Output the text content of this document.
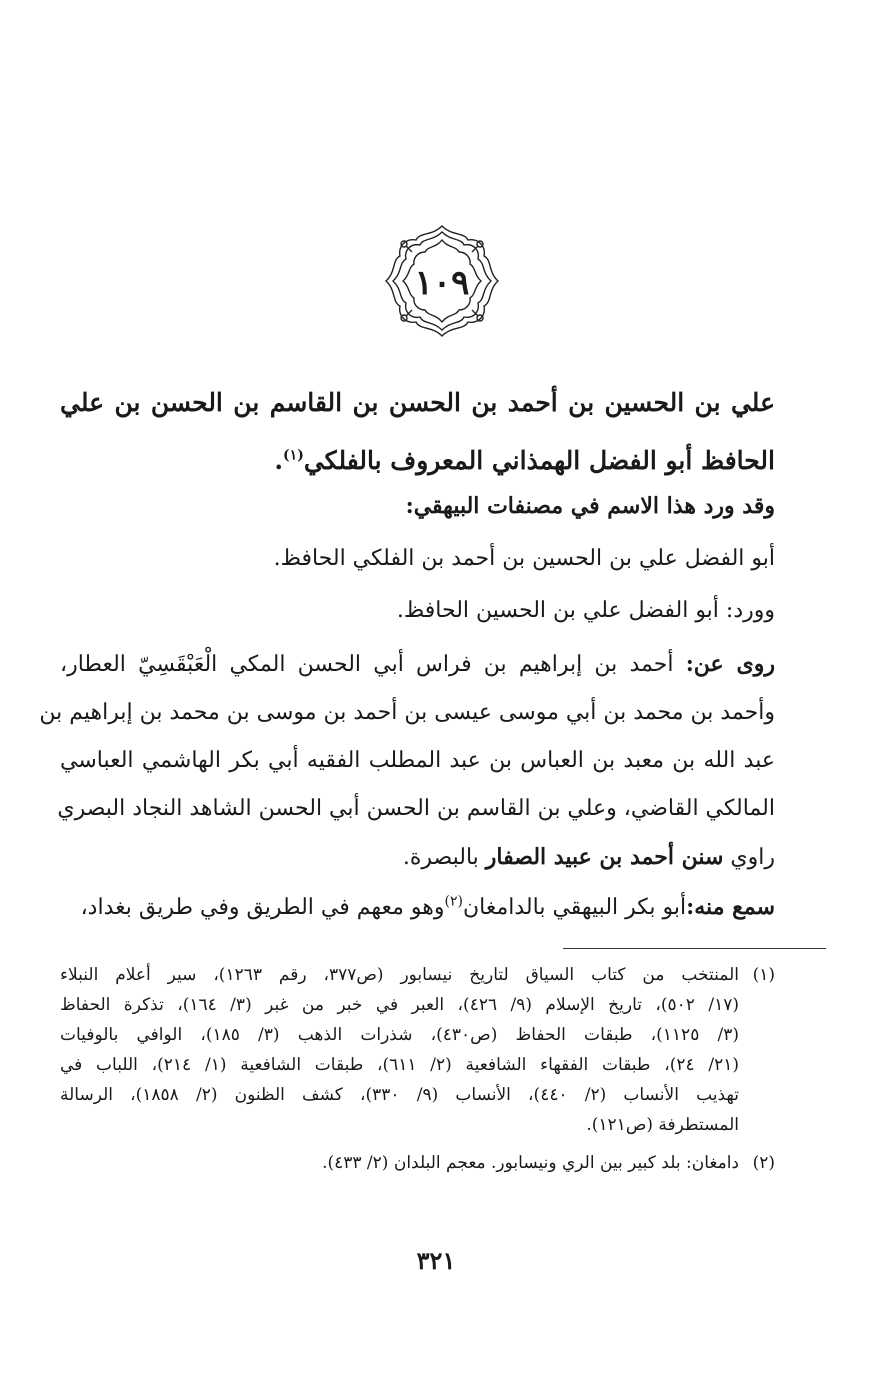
١٠٩
علي بن الحسين بن أحمد بن الحسن بن القاسم بن الحسن بن علي
الحافظ أبو الفضل الهمذاني المعروف بالفلكي$^{(١)}$.
وقد ورد هذا الاسم في مصنفات البيهقي:
أبو الفضل علي بن الحسين بن أحمد بن الفلكي الحافظ.
وورد: أبو الفضل علي بن الحسين الحافظ.
روى عن: أحمد بن إبراهيم بن فراس أبي الحسن المكي الْعَبْقَسِيّ العطار،
وأحمد بن محمد بن أبي موسى عيسى بن أحمد بن موسى بن محمد بن إبراهيم بن
عبد الله بن معبد بن العباس بن عبد المطلب الفقيه أبي بكر الهاشمي العباسي
المالكي القاضي، وعلي بن القاسم بن الحسن أبي الحسن الشاهد النجاد البصري
راوي سنن أحمد بن عبيد الصفار بالبصرة.
سمع منه:أبو بكر البيهقي بالدامغان$^{(٢)}$وهو معهم في الطريق وفي طريق بغداد،
(١)
المنتخب من كتاب السياق لتاريخ نيسابور (ص٣٧٧، رقم ١٢٦٣)، سير أعلام النبلاء
(١٧/ ٥٠٢)، تاريخ الإسلام (٩/ ٤٢٦)، العبر في خبر من غبر (٣/ ١٦٤)، تذكرة الحفاظ
(٣/ ١١٢٥)، طبقات الحفاظ (ص٤٣٠)، شذرات الذهب (٣/ ١٨٥)، الوافي بالوفيات
(٢١/ ٢٤)، طبقات الفقهاء الشافعية (٢/ ٦١١)، طبقات الشافعية (١/ ٢١٤)، اللباب في
تهذيب الأنساب (٢/ ٤٤٠)، الأنساب (٩/ ٣٣٠)، كشف الظنون (٢/ ١٨٥٨)، الرسالة
المستطرفة (ص١٢١).
(٢)
دامغان: بلد كبير بين الري ونيسابور. معجم البلدان (٢/ ٤٣٣).
٣٢١
